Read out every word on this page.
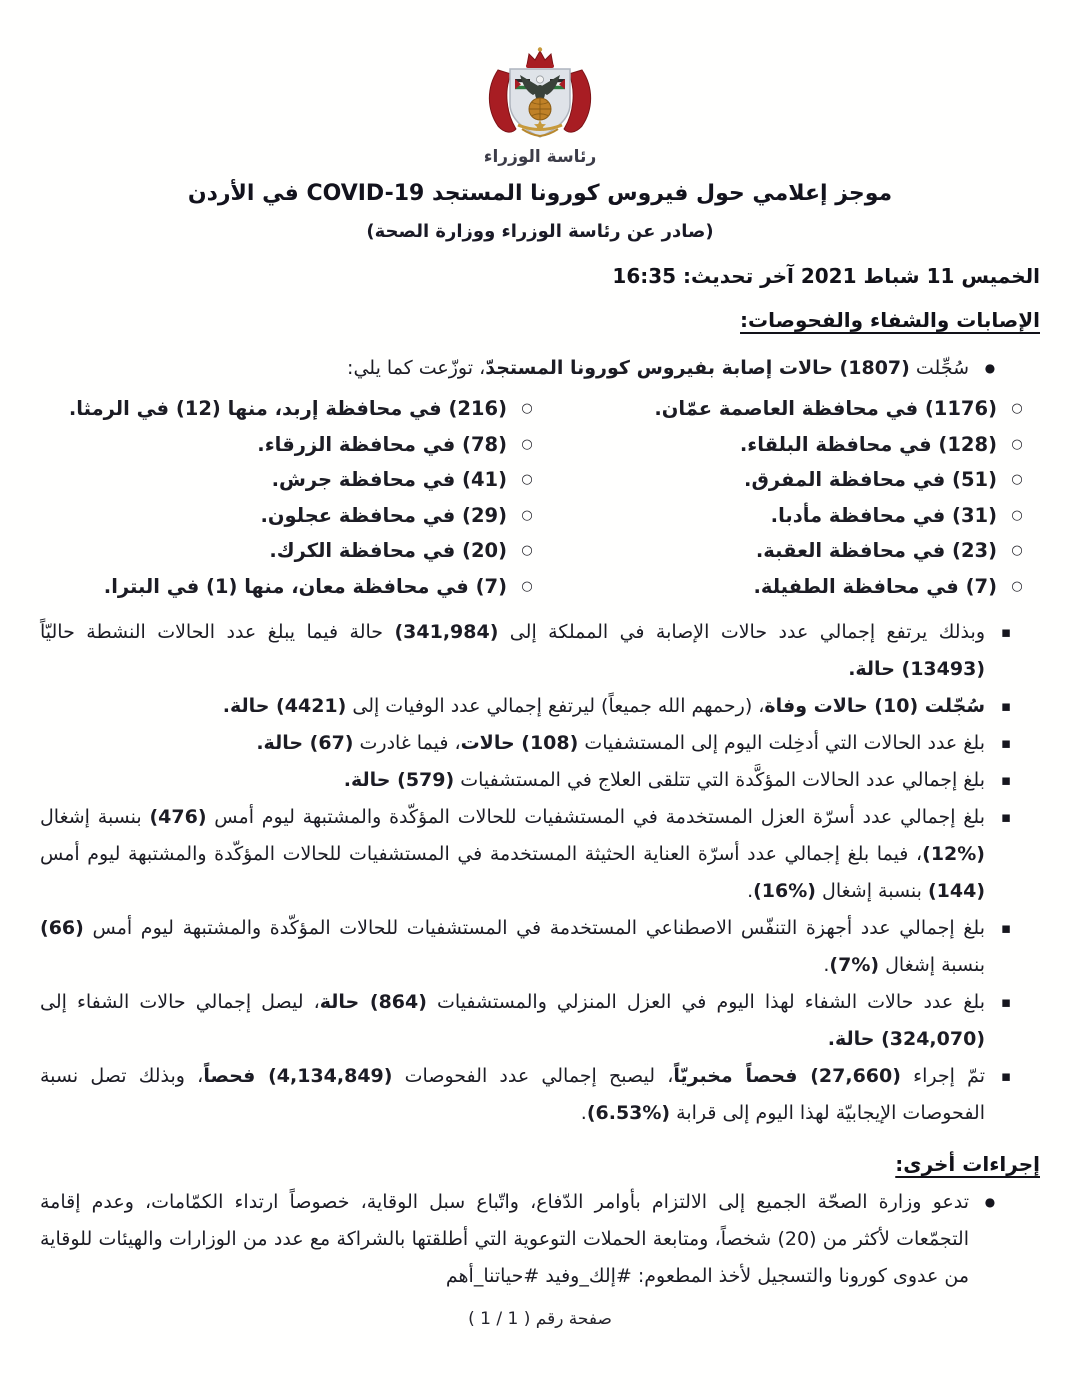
رئاسة الوزراء
موجز إعلامي حول فيروس كورونا المستجد COVID-19 في الأردن
(صادر عن رئاسة الوزراء ووزارة الصحة)
الخميس 11 شباط 2021 آخر تحديث: 16:35
الإصابات والشفاء والفحوصات:
●
سُجِّلت (1807) حالات إصابة بفيروس كورونا المستجدّ، توزّعت كما يلي:
○
(1176) في محافظة العاصمة عمّان.
○
(128) في محافظة البلقاء.
○
(51) في محافظة المفرق.
○
(31) في محافظة مأدبا.
○
(23) في محافظة العقبة.
○
(7) في محافظة الطفيلة.
○
(216) في محافظة إربد، منها (12) في الرمثا.
○
(78) في محافظة الزرقاء.
○
(41) في محافظة جرش.
○
(29) في محافظة عجلون.
○
(20) في محافظة الكرك.
○
(7) في محافظة معان، منها (1) في البترا.
▪
وبذلك يرتفع إجمالي عدد حالات الإصابة في المملكة إلى (341,984) حالة فيما يبلغ عدد الحالات النشطة حاليّاً (13493) حالة.
▪
سُجّلت (10) حالات وفاة، (رحمهم الله جميعاً) ليرتفع إجمالي عدد الوفيات إلى (4421) حالة.
▪
بلغ عدد الحالات التي أدخِلت اليوم إلى المستشفيات (108) حالات، فيما غادرت (67) حالة.
▪
بلغ إجمالي عدد الحالات المؤكَّدة التي تتلقى العلاج في المستشفيات (579) حالة.
▪
بلغ إجمالي عدد أسرّة العزل المستخدمة في المستشفيات للحالات المؤكّدة والمشتبهة ليوم أمس (476) بنسبة إشغال (%12)، فيما بلغ إجمالي عدد أسرّة العناية الحثيثة المستخدمة في المستشفيات للحالات المؤكّدة والمشتبهة ليوم أمس (144) بنسبة إشغال (%16).
▪
بلغ إجمالي عدد أجهزة التنفّس الاصطناعي المستخدمة في المستشفيات للحالات المؤكّدة والمشتبهة ليوم أمس (66) بنسبة إشغال (%7).
▪
بلغ عدد حالات الشفاء لهذا اليوم في العزل المنزلي والمستشفيات (864) حالة، ليصل إجمالي حالات الشفاء إلى (324,070) حالة.
▪
تمّ إجراء (27,660) فحصاً مخبريّاً، ليصبح إجمالي عدد الفحوصات (4,134,849) فحصاً، وبذلك تصل نسبة الفحوصات الإيجابيّة لهذا اليوم إلى قرابة (%6.53).
إجراءات أخرى:
●
تدعو وزارة الصحّة الجميع إلى الالتزام بأوامر الدّفاع، واتّباع سبل الوقاية، خصوصاً ارتداء الكمّامات، وعدم إقامة التجمّعات لأكثر من (20) شخصاً، ومتابعة الحملات التوعوية التي أطلقتها بالشراكة مع عدد من الوزارات والهيئات للوقاية من عدوى كورونا والتسجيل لأخذ المطعوم: #إلك_وفيد #حياتنا_أهم
صفحة رقم ( 1 / 1 )
